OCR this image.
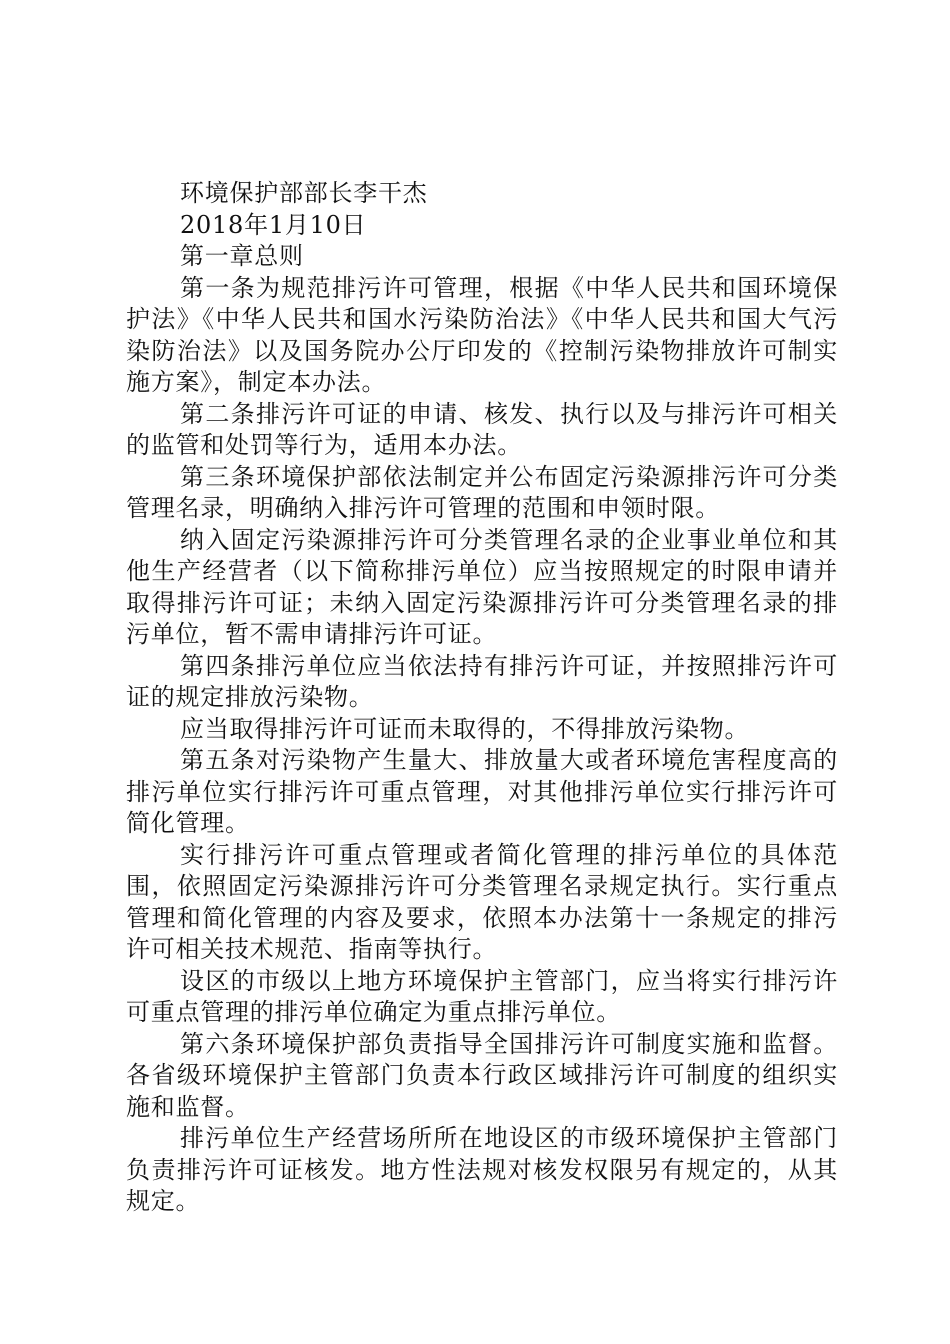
环境保护部部长李干杰

2018年1月10日

第一章总则

第一条为规范排污许可管理，根据《中华人民共和国环境保护法》《中华人民共和国水污染防治法》《中华人民共和国大气污染防治法》以及国务院办公厅印发的《控制污染物排放许可制实施方案》，制定本办法。

第二条排污许可证的申请、核发、执行以及与排污许可相关的监管和处罚等行为，适用本办法。

第三条环境保护部依法制定并公布固定污染源排污许可分类管理名录，明确纳入排污许可管理的范围和申领时限。

纳入固定污染源排污许可分类管理名录的企业事业单位和其他生产经营者（以下简称排污单位）应当按照规定的时限申请并取得排污许可证；未纳入固定污染源排污许可分类管理名录的排污单位，暂不需申请排污许可证。

第四条排污单位应当依法持有排污许可证，并按照排污许可证的规定排放污染物。

应当取得排污许可证而未取得的，不得排放污染物。

第五条对污染物产生量大、排放量大或者环境危害程度高的排污单位实行排污许可重点管理，对其他排污单位实行排污许可简化管理。

实行排污许可重点管理或者简化管理的排污单位的具体范围，依照固定污染源排污许可分类管理名录规定执行。实行重点管理和简化管理的内容及要求，依照本办法第十一条规定的排污许可相关技术规范、指南等执行。

设区的市级以上地方环境保护主管部门，应当将实行排污许可重点管理的排污单位确定为重点排污单位。

第六条环境保护部负责指导全国排污许可制度实施和监督。各省级环境保护主管部门负责本行政区域排污许可制度的组织实施和监督。

排污单位生产经营场所所在地设区的市级环境保护主管部门负责排污许可证核发。地方性法规对核发权限另有规定的，从其规定。
